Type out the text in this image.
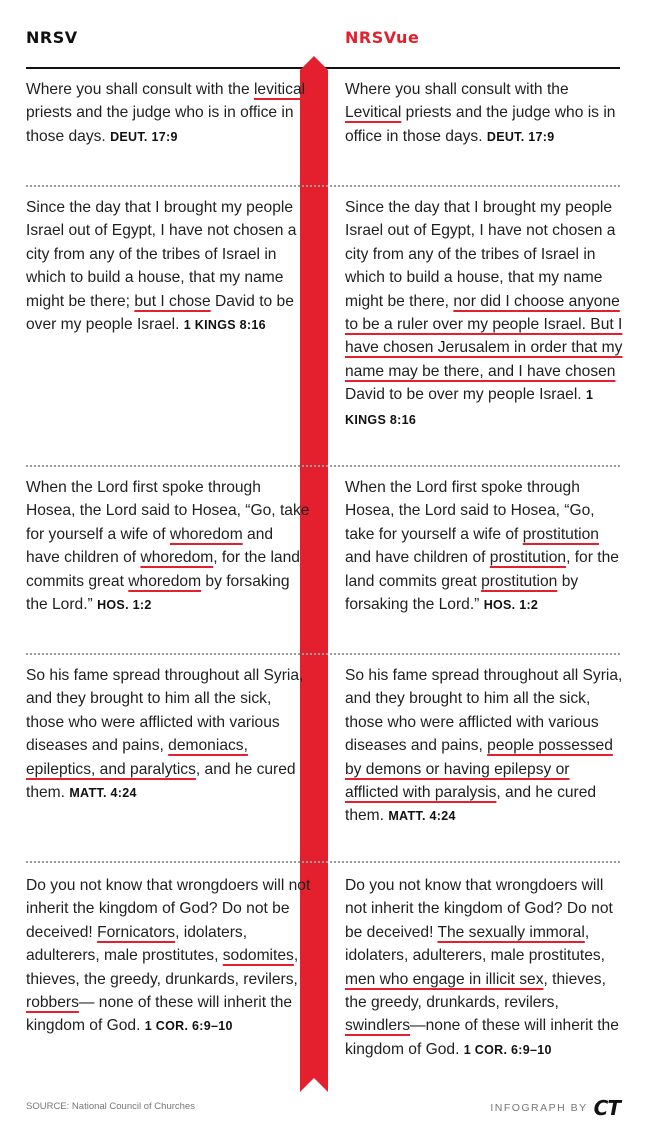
NRSV	NRSVue
Where you shall consult with the levitical priests and the judge who is in office in those days. DEUT. 17:9
Where you shall consult with the Levitical priests and the judge who is in office in those days. DEUT. 17:9
Since the day that I brought my people Israel out of Egypt, I have not chosen a city from any of the tribes of Israel in which to build a house, that my name might be there; but I chose David to be over my people Israel. 1 KINGS 8:16
Since the day that I brought my people Israel out of Egypt, I have not chosen a city from any of the tribes of Israel in which to build a house, that my name might be there, nor did I choose anyone to be a ruler over my people Israel. But I have chosen Jerusalem in order that my name may be there, and I have chosen David to be over my people Israel. 1 KINGS 8:16
When the Lord first spoke through Hosea, the Lord said to Hosea, “Go, take for yourself a wife of whoredom and have children of whoredom, for the land commits great whoredom by forsaking the Lord.” HOS. 1:2
When the Lord first spoke through Hosea, the Lord said to Hosea, “Go, take for yourself a wife of prostitution and have children of prostitution, for the land commits great prostitution by forsaking the Lord.” HOS. 1:2
So his fame spread throughout all Syria, and they brought to him all the sick, those who were afflicted with various diseases and pains, demoniacs, epileptics, and paralytics, and he cured them. MATT. 4:24
So his fame spread throughout all Syria, and they brought to him all the sick, those who were afflicted with various diseases and pains, people possessed by demons or having epilepsy or afflicted with paralysis, and he cured them. MATT. 4:24
Do you not know that wrongdoers will not inherit the kingdom of God? Do not be deceived! Fornicators, idolaters, adulterers, male prostitutes, sodomites, thieves, the greedy, drunkards, revilers, robbers— none of these will inherit the kingdom of God. 1 COR. 6:9–10
Do you not know that wrongdoers will not inherit the kingdom of God? Do not be deceived! The sexually immoral, idolaters, adulterers, male prostitutes, men who engage in illicit sex, thieves, the greedy, drunkards, revilers, swindlers—none of these will inherit the kingdom of God. 1 COR. 6:9–10
SOURCE: National Council of Churches	INFOGRAPH BY CT
